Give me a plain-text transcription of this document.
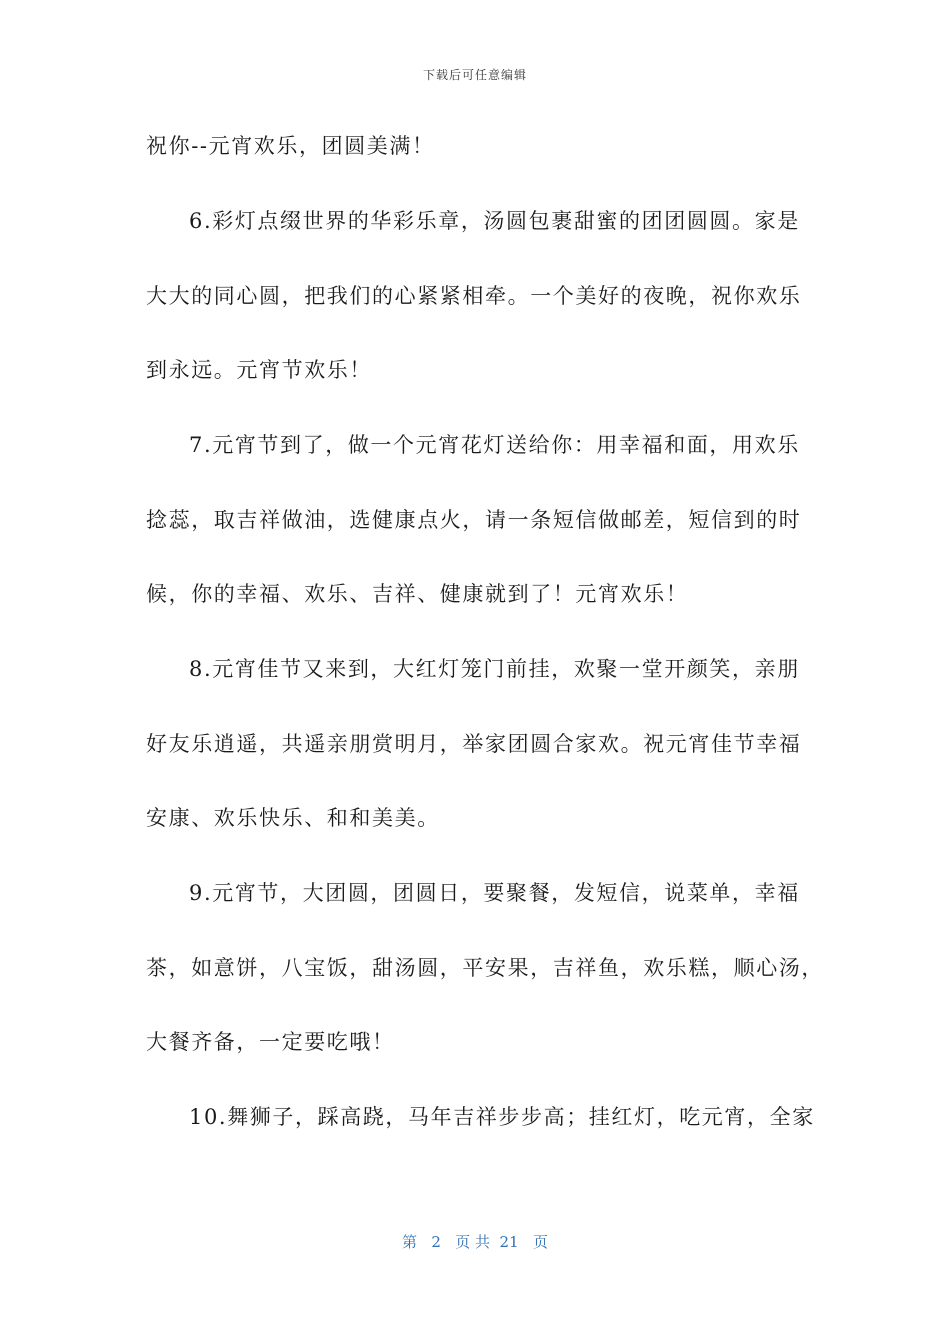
下载后可任意编辑
祝你--元宵欢乐，团圆美满！
6.彩灯点缀世界的华彩乐章，汤圆包裹甜蜜的团团圆圆。家是
大大的同心圆，把我们的心紧紧相牵。一个美好的夜晚，祝你欢乐
到永远。元宵节欢乐！
7.元宵节到了，做一个元宵花灯送给你：用幸福和面，用欢乐
捻蕊，取吉祥做油，选健康点火，请一条短信做邮差，短信到的时
候，你的幸福、欢乐、吉祥、健康就到了！元宵欢乐！
8.元宵佳节又来到，大红灯笼门前挂，欢聚一堂开颜笑，亲朋
好友乐逍遥，共遥亲朋赏明月，举家团圆合家欢。祝元宵佳节幸福
安康、欢乐快乐、和和美美。
9.元宵节，大团圆，团圆日，要聚餐，发短信，说菜单，幸福
茶，如意饼，八宝饭，甜汤圆，平安果，吉祥鱼，欢乐糕，顺心汤，
大餐齐备，一定要吃哦！
10.舞狮子，踩高跷，马年吉祥步步高；挂红灯，吃元宵，全家
第 2 页 共 21 页
